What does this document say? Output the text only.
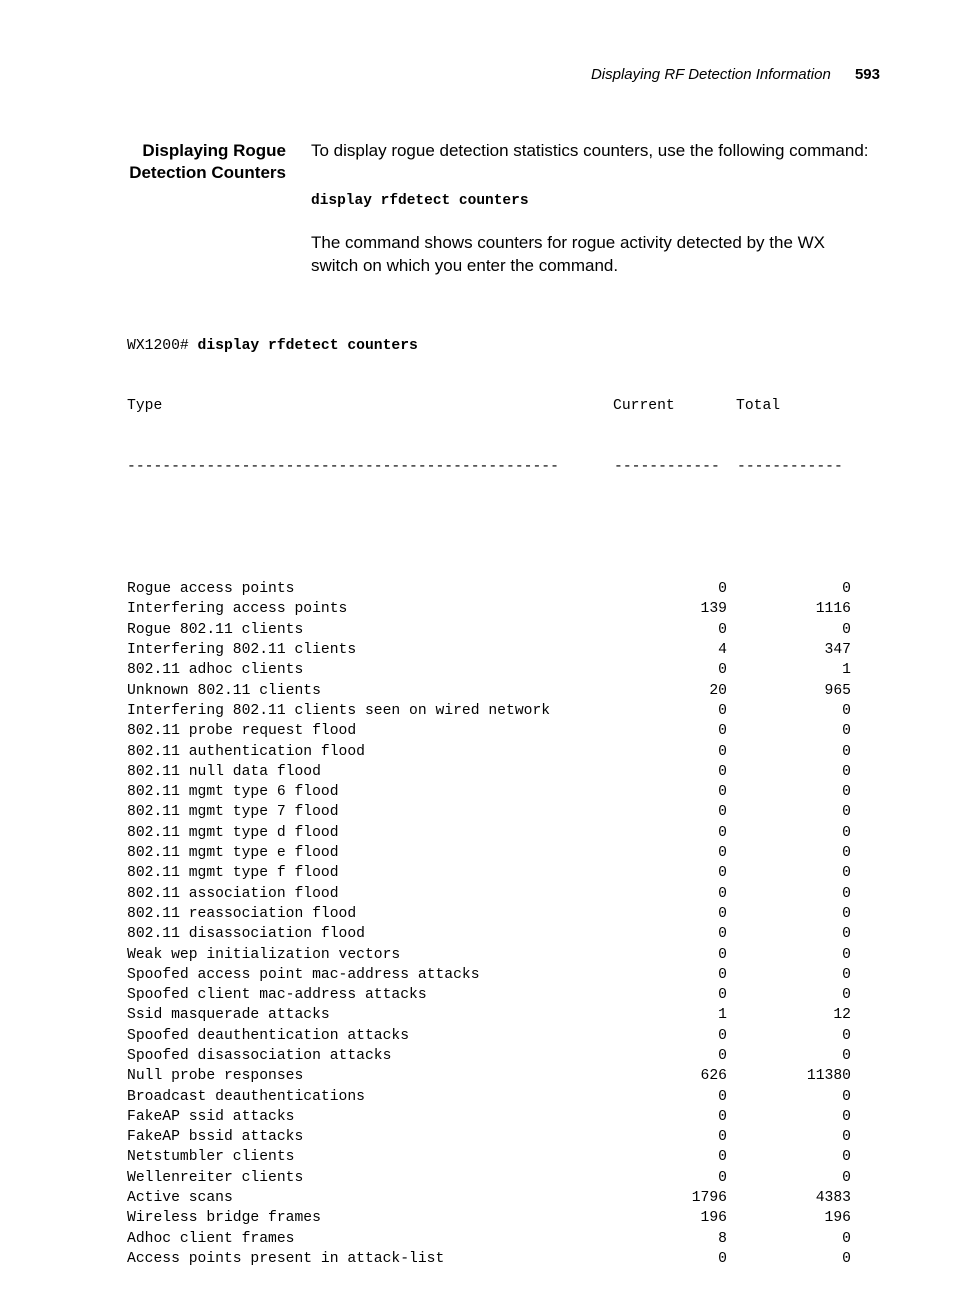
Displaying RF Detection Information 593
Displaying Rogue Detection Counters
To display rogue detection statistics counters, use the following command:
display rfdetect counters
The command shows counters for rogue activity detected by the WX switch on which you enter the command.

WX1200# display rfdetect counters

Type	Current	Total

-------------------------------------------------	------------	------------

Rogue access points	0	0
Interfering access points	139	1116
Rogue 802.11 clients	0	0
Interfering 802.11 clients	4	347
802.11 adhoc clients	0	1
Unknown 802.11 clients	20	965
Interfering 802.11 clients seen on wired network	0	0
802.11 probe request flood	0	0
802.11 authentication flood	0	0
802.11 null data flood	0	0
802.11 mgmt type 6 flood	0	0
802.11 mgmt type 7 flood	0	0
802.11 mgmt type d flood	0	0
802.11 mgmt type e flood	0	0
802.11 mgmt type f flood	0	0
802.11 association flood	0	0
802.11 reassociation flood	0	0
802.11 disassociation flood	0	0
Weak wep initialization vectors	0	0
Spoofed access point mac-address attacks	0	0
Spoofed client mac-address attacks	0	0
Ssid masquerade attacks	1	12
Spoofed deauthentication attacks	0	0
Spoofed disassociation attacks	0	0
Null probe responses	626	11380
Broadcast deauthentications	0	0
FakeAP ssid attacks	0	0
FakeAP bssid attacks	0	0
Netstumbler clients	0	0
Wellenreiter clients	0	0
Active scans	1796	4383
Wireless bridge frames	196	196
Adhoc client frames	8	0
Access points present in attack-list	0	0
